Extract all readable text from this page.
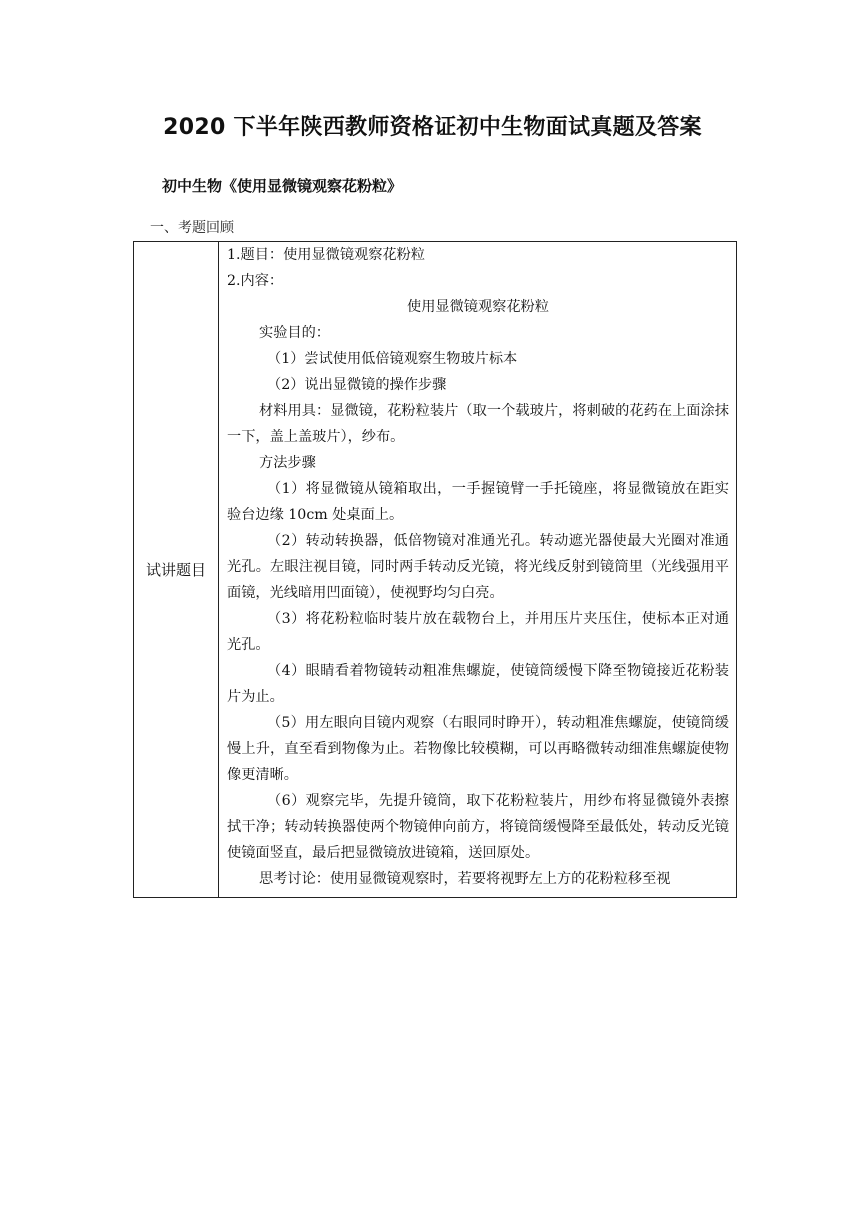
2020 下半年陕西教师资格证初中生物面试真题及答案
初中生物《使用显微镜观察花粉粒》
一、考题回顾
试讲题目	

1.题目：使用显微镜观察花粉粒

2.内容：

使用显微镜观察花粉粒

实验目的：

（1）尝试使用低倍镜观察生物玻片标本

（2）说出显微镜的操作步骤

材料用具：显微镜，花粉粒装片（取一个载玻片，将刺破的花药在上面涂抹一下，盖上盖玻片），纱布。

方法步骤

（1）将显微镜从镜箱取出，一手握镜臂一手托镜座，将显微镜放在距实验台边缘 10cm 处桌面上。

（2）转动转换器，低倍物镜对准通光孔。转动遮光器使最大光圈对准通光孔。左眼注视目镜，同时两手转动反光镜，将光线反射到镜筒里（光线强用平面镜，光线暗用凹面镜），使视野均匀白亮。

（3）将花粉粒临时装片放在载物台上，并用压片夹压住，使标本正对通光孔。

（4）眼睛看着物镜转动粗准焦螺旋，使镜筒缓慢下降至物镜接近花粉装片为止。

（5）用左眼向目镜内观察（右眼同时睁开），转动粗准焦螺旋，使镜筒缓慢上升，直至看到物像为止。若物像比较模糊，可以再略微转动细准焦螺旋使物像更清晰。

（6）观察完毕，先提升镜筒，取下花粉粒装片，用纱布将显微镜外表擦拭干净；转动转换器使两个物镜伸向前方，将镜筒缓慢降至最低处，转动反光镜使镜面竖直，最后把显微镜放进镜箱，送回原处。

思考讨论：使用显微镜观察时，若要将视野左上方的花粉粒移至视
